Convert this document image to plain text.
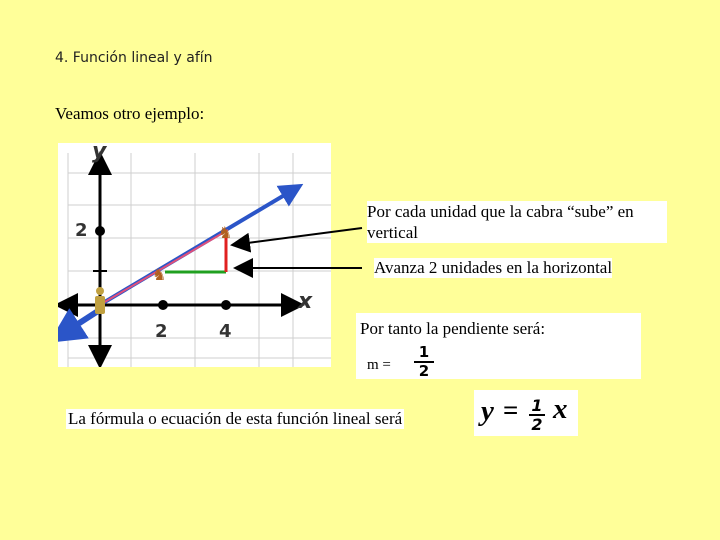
4. Función lineal y afín
Veamos otro ejemplo:
♞
♞
y
x
2	4
2
Por cada unidad que la cabra “sube” en vertical
Avanza 2 unidades en la horizontal
Por tanto la pendiente será:
$m = \frac{1}{2}$
La fórmula o ecuación de esta función lineal será	$y = \frac{1}{2}$ x
